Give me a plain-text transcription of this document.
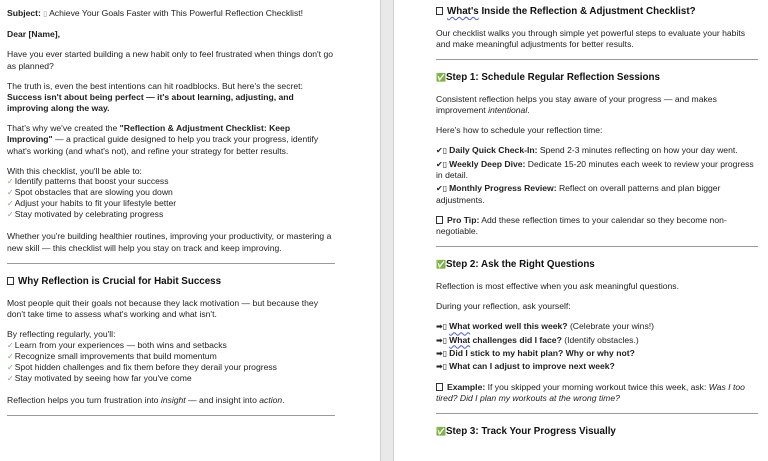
Subject: ▯ Achieve Your Goals Faster with This Powerful Reflection Checklist!

Dear [Name],

Have you ever started building a new habit only to feel frustrated when things don't go as planned?

The truth is, even the best intentions can hit roadblocks. But here's the secret: Success isn't about being perfect — it's about learning, adjusting, and improving along the way.

That's why we've created the "Reflection & Adjustment Checklist: Keep Improving" — a practical guide designed to help you track your progress, identify what's working (and what's not), and refine your strategy for better results.

With this checklist, you'll be able to:
✓Identify patterns that boost your success
✓Spot obstacles that are slowing you down
✓Adjust your habits to fit your lifestyle better
✓Stay motivated by celebrating progress

Whether you're building healthier routines, improving your productivity, or mastering a new skill — this checklist will help you stay on track and keep improving.

Why Reflection is Crucial for Habit Success

Most people quit their goals not because they lack motivation — but because they don't take time to assess what's working and what isn't.

By reflecting regularly, you'll:
✓Learn from your experiences — both wins and setbacks
✓Recognize small improvements that build momentum
✓Spot hidden challenges and fix them before they derail your progress
✓Stay motivated by seeing how far you've come

Reflection helps you turn frustration into insight — and insight into action.

What's Inside the Reflection & Adjustment Checklist?

Our checklist walks you through simple yet powerful steps to evaluate your habits and make meaningful adjustments for better results.

✅Step 1: Schedule Regular Reflection Sessions

Consistent reflection helps you stay aware of your progress — and makes improvement intentional.

Here's how to schedule your reflection time:

✔▯ Daily Quick Check-In: Spend 2-3 minutes reflecting on how your day went.
✔▯ Weekly Deep Dive: Dedicate 15-20 minutes each week to review your progress in detail.
✔▯ Monthly Progress Review: Reflect on overall patterns and plan bigger adjustments.

Pro Tip: Add these reflection times to your calendar so they become non-negotiable.

✅Step 2: Ask the Right Questions

Reflection is most effective when you ask meaningful questions.

During your reflection, ask yourself:

➡▯ What worked well this week? (Celebrate your wins!)
➡▯ What challenges did I face? (Identify obstacles.)
➡▯ Did I stick to my habit plan? Why or why not?
➡▯ What can I adjust to improve next week?

Example: If you skipped your morning workout twice this week, ask: Was I too tired? Did I plan my workouts at the wrong time?

✅Step 3: Track Your Progress Visually
